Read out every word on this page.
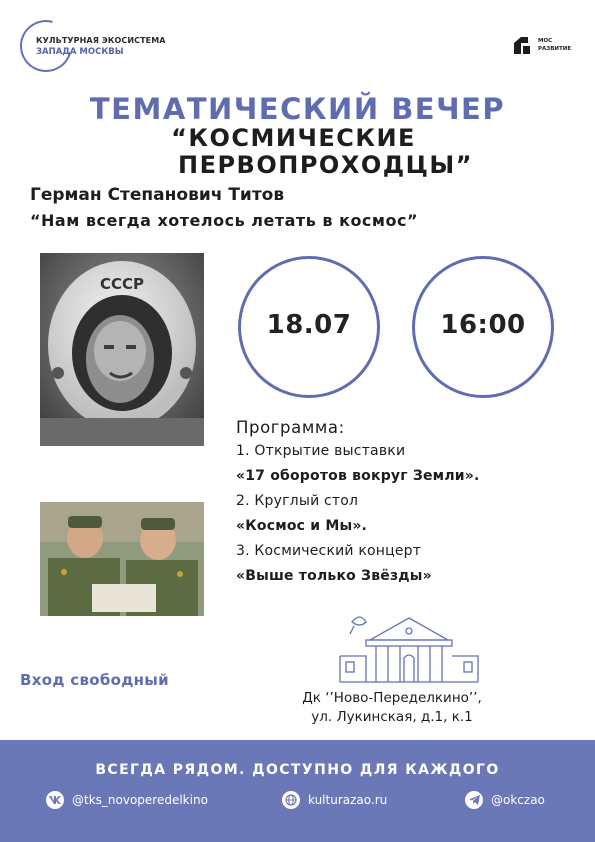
КУЛЬТУРНАЯ ЭКОСИСТЕМА
ЗАПАДА МОСКВЫ
МОС
РАЗВИТИЕ
ТЕМАТИЧЕСКИЙ ВЕЧЕР
“КОСМИЧЕСКИЕ
ПЕРВОПРОХОДЦЫ”
Герман Степанович Титов
“Нам всегда хотелось летать в космос”
СССР
18.07	16:00
Программа:
1. Открытие выставки
«17 оборотов вокруг Земли».
2. Круглый стол
«Космос и Мы».
3. Космический концерт
«Выше только Звёзды»
Вход свободный
Дк ‘’Ново-Переделкино’’,
ул. Лукинская, д.1, к.1
ВСЕГДА РЯДОМ. ДОСТУПНО ДЛЯ КАЖДОГО
@tks_novoperedelkino	kulturazao.ru	@okczao
